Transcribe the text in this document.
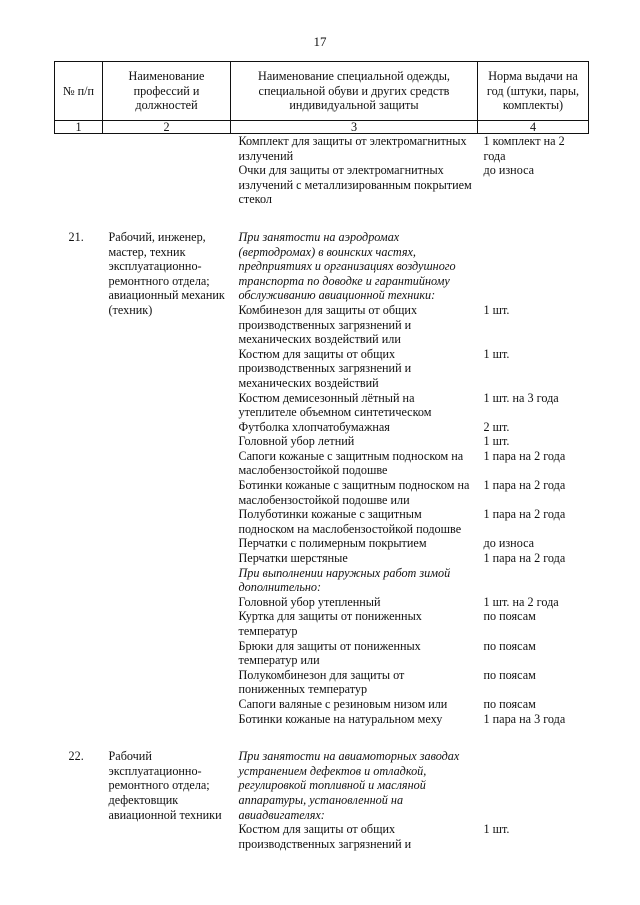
17
№ п/п	Наименование профессий и должностей	Наименование специальной одежды, специальной обуви и других средств индивидуальной защиты	Норма выдачи на год (штуки, пары, комплекты)
1	2	3	4
		Комплект для защиты от электромагнитных излучений	1 комплект на 2 года
		Очки для защиты от электромагнитных излучений с металлизированным покрытием стекол	до износа

21.	Рабочий, инженер, мастер, техник эксплуатационно-ремонтного отдела; авиационный механик (техник)	При занятости на аэродромах (вертодромах) в воинских частях, предприятиях и организациях воздушного транспорта по доводке и гарантийному обслуживанию авиационной техники:	
		Комбинезон для защиты от общих производственных загрязнений и механических воздействий или	1 шт.
		Костюм для защиты от общих производственных загрязнений и механических воздействий	1 шт.
		Костюм демисезонный лётный на утеплителе объемном синтетическом	1 шт. на 3 года
		Футболка хлопчатобумажная	2 шт.
		Головной убор летний	1 шт.
		Сапоги кожаные с защитным подноском на маслобензостойкой подошве	1 пара на 2 года
		Ботинки кожаные с защитным подноском на маслобензостойкой подошве или	1 пара на 2 года
		Полуботинки кожаные с защитным подноском на маслобензостойкой подошве	1 пара на 2 года
		Перчатки с полимерным покрытием	до износа
		Перчатки шерстяные	1 пара на 2 года
		При выполнении наружных работ зимой дополнительно:	
		Головной убор утепленный	1 шт. на 2 года
		Куртка для защиты от пониженных температур	по поясам
		Брюки для защиты от пониженных температур или	по поясам
		Полукомбинезон для защиты от пониженных температур	по поясам
		Сапоги валяные с резиновым низом или	по поясам
		Ботинки кожаные на натуральном меху	1 пара на 3 года

22.	Рабочий эксплуатационно-ремонтного отдела; дефектовщик авиационной техники	При занятости на авиамоторных заводах устранением дефектов и отладкой, регулировкой топливной и масляной аппаратуры, установленной на авиадвигателях:	
		Костюм для защиты от общих производственных загрязнений и	1 шт.
